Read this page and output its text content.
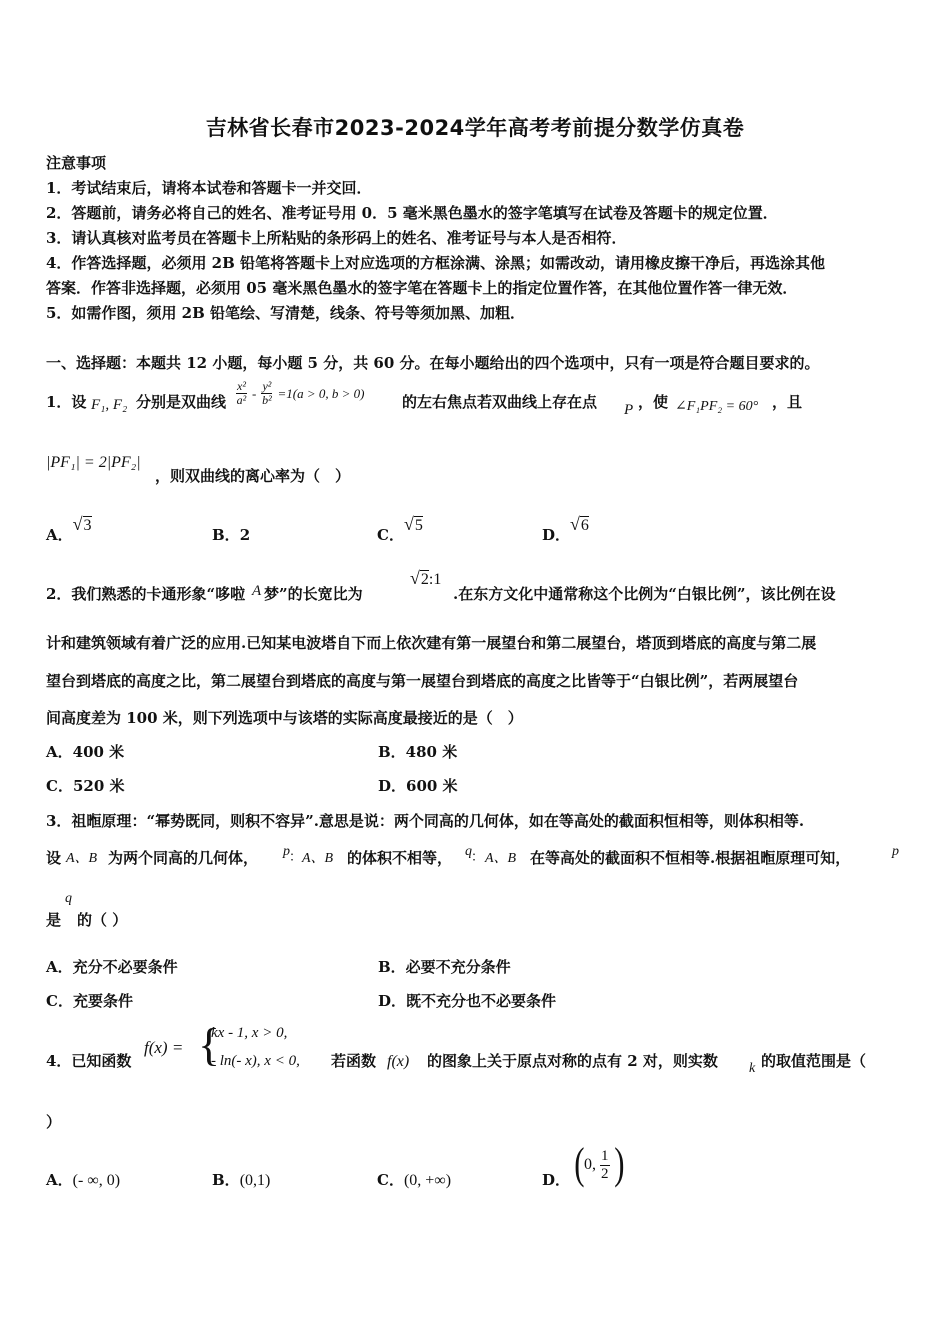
吉林省长春市2023-2024学年高考考前提分数学仿真卷
注意事项
1．考试结束后，请将本试卷和答题卡一并交回．
2．答题前，请务必将自己的姓名、准考证号用 0．5 毫米黑色墨水的签字笔填写在试卷及答题卡的规定位置．
3．请认真核对监考员在答题卡上所粘贴的条形码上的姓名、准考证号与本人是否相符．
4．作答选择题，必须用 2B 铅笔将答题卡上对应选项的方框涂满、涂黑；如需改动，请用橡皮擦干净后，再选涂其他
答案．作答非选择题，必须用 05 毫米黑色墨水的签字笔在答题卡上的指定位置作答，在其他位置作答一律无效．
5．如需作图，须用 2B 铅笔绘、写清楚，线条、符号等须加黑、加粗．
一、选择题：本题共 12 小题，每小题 5 分，共 60 分。在每小题给出的四个选项中，只有一项是符合题目要求的。
1．设 F₁, F₂ 分别是双曲线 $\frac{\text{x²}}{\text{a²}} - \frac{\text{y²}}{\text{b²}} =1(a > 0$, b > 0)	的左右焦点若双曲线上存在点 P ，使 ∠F₁PF₂ = 60° ，且
|PF₁| = 2|PF₂|
，则双曲线的离心率为（　）
A．√3
B．2	C．√5
D．√6
2．我们熟悉的卡通形象“哆啦 A 梦”的长宽比为
√2:1
.在东方文化中通常称这个比例为“白银比例”，该比例在设
计和建筑领域有着广泛的应用.已知某电波塔自下而上依次建有第一展望台和第二展望台，塔顶到塔底的高度与第二展
望台到塔底的高度之比，第二展望台到塔底的高度与第一展望台到塔底的高度之比皆等于“白银比例”，若两展望台
间高度差为 100 米，则下列选项中与该塔的实际高度最接近的是（　）
A．400 米	B．480 米
C．520 米	D．600 米
3．祖暅原理：“幂势既同，则积不容异”.意思是说：两个同高的几何体，如在等高处的截面积恒相等，则体积相等.
设 A、B 为两个同高的几何体， p ： A、B 的体积不相等， q ： A、B 在等高处的截面积不恒相等.根据祖暅原理可知，	p
是
q
的（ ）
A．充分不必要条件	B．必要不充分条件
C．充要条件	D．既不充分也不必要条件
4．已知函数
f(x) = {
kx - 1, x > 0,
- ln(- x), x < 0, 若函数 f(x) 的图象上关于原点对称的点有 2 对，则实数 k 的取值范围是（
）
A．(- ∞, 0)	B．(0,1)	C．(0, +∞)	D． ( 0, $\frac{1}{2}$ )
